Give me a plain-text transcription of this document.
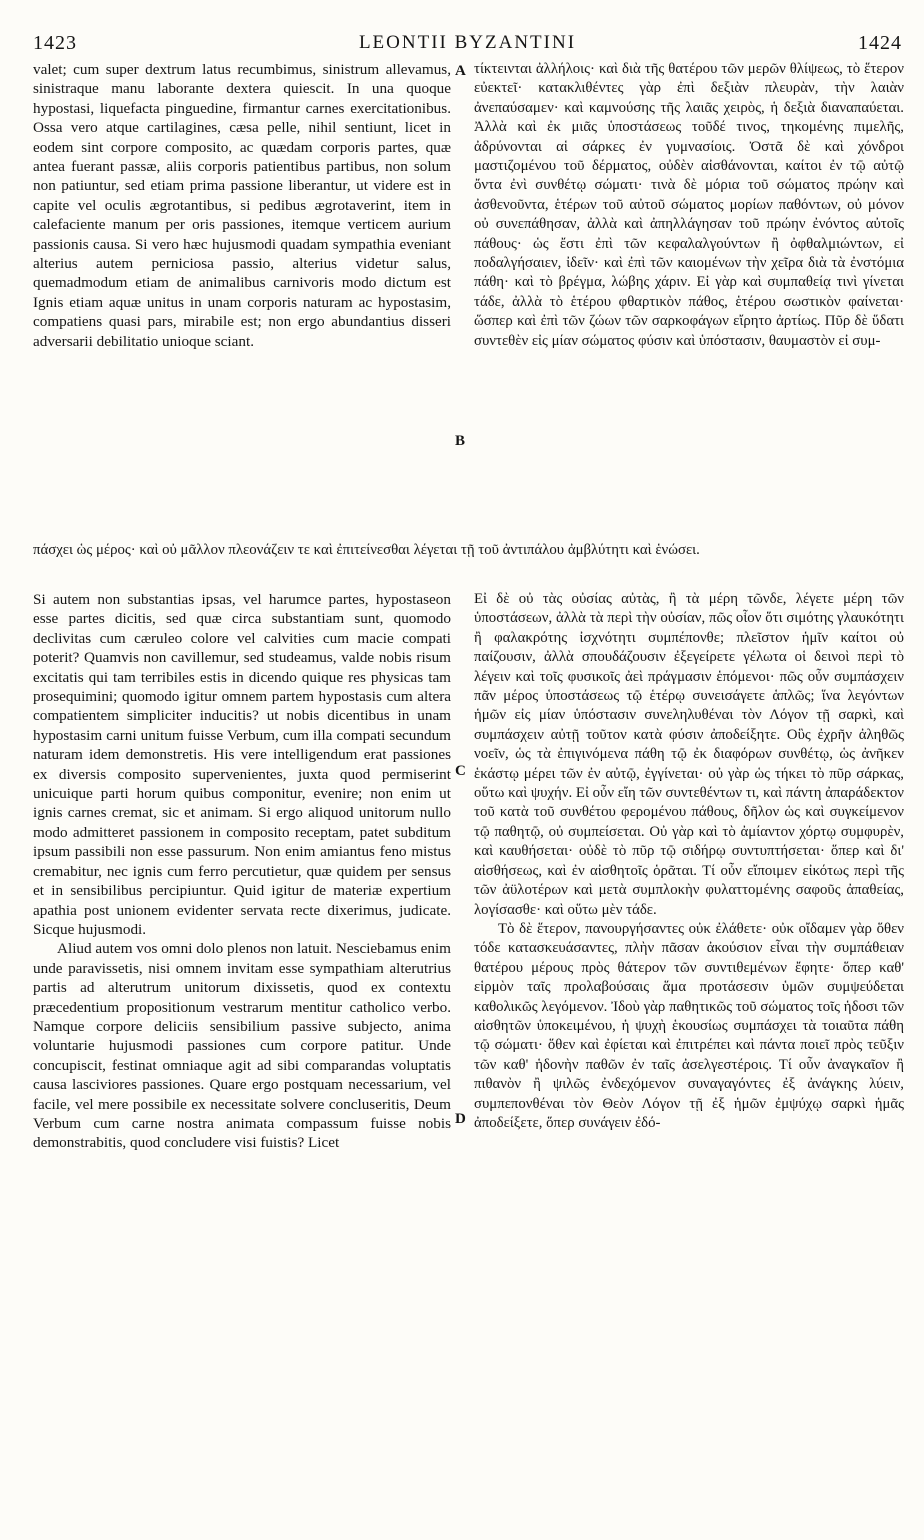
1423	LEONTII BYZANTINI	1424

valet; cum super dextrum latus recumbimus, sinistrum allevamus, sinistraque manu laborante dextera quiescit. In una quoque hypostasi, liquefacta pinguedine, firmantur carnes exercitationibus. Ossa vero atque cartilagines, cæsa pelle, nihil sentiunt, licet in eodem sint corpore composito, ac quædam corporis partes, quæ antea fuerant passæ, aliis corporis patientibus partibus, non solum non patiuntur, sed etiam prima passione liberantur, ut videre est in capite vel oculis ægrotantibus, si pedibus ægrotaverint, item in calefaciente manum per oris passiones, itemque verticem aurium passionis causa. Si vero hæc hujusmodi quadam sympathia eveniant alterius autem perniciosa passio, alterius videtur salus, quemadmodum etiam de animalibus carnivoris modo dictum est Ignis etiam aquæ unitus in unam corporis naturam ac hypostasim, compatiens quasi pars, mirabile est; non ergo abundantius disseri adversarii debilitatio unioque sciant.

τίκτεινται ἀλλήλοις· καὶ διὰ τῆς θατέρου τῶν μερῶν θλίψεως, τὸ ἕτερον εὐεκτεῖ· κατακλιθέντες γὰρ ἐπὶ δεξιὰν πλευρὰν, τὴν λαιὰν ἀνεπαύσαμεν· καὶ καμνούσης τῆς λαιᾶς χειρὸς, ἡ δεξιὰ διαναπαύεται. Ἀλλὰ καὶ ἐκ μιᾶς ὑποστάσεως τοῦδέ τινος, τηκομένης πιμελῆς, ἀδρύνονται αἱ σάρκες ἐν γυμνασίοις. Ὀστᾶ δὲ καὶ χόνδροι μαστιζομένου τοῦ δέρματος, οὐδὲν αἰσθάνονται, καίτοι ἐν τῷ αὐτῷ ὄντα ἐνὶ συνθέτῳ σώματι· τινὰ δὲ μόρια τοῦ σώματος πρώην καὶ ἀσθενοῦντα, ἑτέρων τοῦ αὐτοῦ σώματος μορίων παθόντων, οὐ μόνον οὐ συνεπάθησαν, ἀλλὰ καὶ ἀπηλλάγησαν τοῦ πρώην ἐνόντος αὐτοῖς πάθους· ὡς ἔστι ἐπὶ τῶν κεφαλαλγούντων ἢ ὀφθαλμιώντων, εἰ ποδαλγήσαιεν, ἰδεῖν· καὶ ἐπὶ τῶν καιομένων τὴν χεῖρα διὰ τὰ ἐνστόμια πάθη· καὶ τὸ βρέγμα, λώβης χάριν. Εἰ γὰρ καὶ συμπαθείᾳ τινὶ γίνεται τάδε, ἀλλὰ τὸ ἑτέρου φθαρτικὸν πάθος, ἑτέρου σωστικὸν φαίνεται· ὥσπερ καὶ ἐπὶ τῶν ζώων τῶν σαρκοφάγων εἴρητο ἀρτίως. Πῦρ δὲ ὕδατι συντεθὲν εἰς μίαν σώματος φύσιν καὶ ὑπόστασιν, θαυμαστὸν εἰ συμ-

πάσχει ὡς μέρος· καὶ οὐ μᾶλλον πλεονάζειν τε καὶ ἐπιτείνεσθαι λέγεται τῇ τοῦ ἀντιπάλου ἀμβλύτητι καὶ ἑνώσει.

Si autem non substantias ipsas, vel harumce partes, hypostaseon esse partes dicitis, sed quæ circa substantiam sunt, quomodo declivitas cum cæruleo colore vel calvities cum macie compati poterit? Quamvis non cavillemur, sed studeamus, valde nobis risum excitatis qui tam terribiles estis in dicendo quique res physicas tam prosequimini; quomodo igitur omnem partem hypostasis cum altera compatientem simpliciter inducitis? ut nobis dicentibus in unam hypostasim carni unitum fuisse Verbum, cum illa compati secundum naturam idem demonstretis. His vere intelligendum erat passiones ex diversis composito supervenientes, juxta quod permiserint unicuique parti horum quibus componitur, evenire; non enim ut ignis carnes cremat, sic et animam. Si ergo aliquod unitorum nullo modo admitteret passionem in composito receptam, patet subditum ipsum passibili non esse passurum. Non enim amiantus feno mistus cremabitur, nec ignis cum ferro percutietur, quæ quidem per sensus et in sensibilibus percipiuntur. Quid igitur de materiæ expertium apathia post unionem evidenter servata recte dixerimus, judicate. Sicque hujusmodi.

Aliud autem vos omni dolo plenos non latuit. Nesciebamus enim unde paravissetis, nisi omnem invitam esse sympathiam alterutrius partis ad alterutrum unitorum dixissetis, quod ex contextu præcedentium propositionum vestrarum mentitur catholico verbo. Namque corpore deliciis sensibilium passive subjecto, anima voluntarie hujusmodi passiones cum corpore patitur. Unde concupiscit, festinat omniaque agit ad sibi comparandas voluptatis causa lasciviores passiones. Quare ergo postquam necessarium, vel facile, vel mere possibile ex necessitate solvere concluseritis, Deum Verbum cum carne nostra animata compassum fuisse nobis demonstrabitis, quod concludere visi fuistis? Licet

Εἰ δὲ οὐ τὰς οὐσίας αὐτὰς, ἢ τὰ μέρη τῶνδε, λέγετε μέρη τῶν ὑποστάσεων, ἀλλὰ τὰ περὶ τὴν οὐσίαν, πῶς οἷον ὅτι σιμότης γλαυκότητι ἢ φαλακρότης ἰσχνότητι συμπέπονθε; πλεῖστον ἡμῖν καίτοι οὐ παίζουσιν, ἀλλὰ σπουδάζουσιν ἐξεγείρετε γέλωτα οἱ δεινοὶ περὶ τὸ λέγειν καὶ τοῖς φυσικοῖς ἀεὶ πράγμασιν ἑπόμενοι· πῶς οὖν συμπάσχειν πᾶν μέρος ὑποστάσεως τῷ ἑτέρῳ συνεισάγετε ἁπλῶς; ἵνα λεγόντων ἡμῶν εἰς μίαν ὑπόστασιν συνεληλυθέναι τὸν Λόγον τῇ σαρκὶ, καὶ συμπάσχειν αὐτῇ τοῦτον κατὰ φύσιν ἀποδείξητε. Οὓς ἐχρῆν ἀληθῶς νοεῖν, ὡς τὰ ἐπιγινόμενα πάθη τῷ ἐκ διαφόρων συνθέτῳ, ὡς ἀνῆκεν ἑκάστῳ μέρει τῶν ἐν αὐτῷ, ἐγγίνεται· οὐ γὰρ ὡς τήκει τὸ πῦρ σάρκας, οὕτω καὶ ψυχήν. Εἰ οὖν εἴη τῶν συντεθέντων τι, καὶ πάντη ἀπαράδεκτον τοῦ κατὰ τοῦ συνθέτου φερομένου πάθους, δῆλον ὡς καὶ συγκείμενον τῷ παθητῷ, οὐ συμπείσεται. Οὐ γὰρ καὶ τὸ ἀμίαντον χόρτῳ συμφυρὲν, καὶ καυθήσεται· οὐδὲ τὸ πῦρ τῷ σιδήρῳ συντυπτήσεται· ὅπερ καὶ δι' αἰσθήσεως, καὶ ἐν αἰσθητοῖς ὁρᾶται. Τί οὖν εἴποιμεν εἰκότως περὶ τῆς τῶν ἀϋλοτέρων καὶ μετὰ συμπλοκὴν φυλαττομένης σαφοῦς ἀπαθείας, λογίσασθε· καὶ οὕτω μὲν τάδε.

Τὸ δὲ ἕτερον, πανουργήσαντες οὐκ ἐλάθετε· οὐκ οἴδαμεν γὰρ ὅθεν τόδε κατασκευάσαντες, πλὴν πᾶσαν ἀκούσιον εἶναι τὴν συμπάθειαν θατέρου μέρους πρὸς θάτερον τῶν συντιθεμένων ἔφητε· ὅπερ καθ' εἱρμὸν ταῖς προλαβούσαις ἅμα προτάσεσιν ὑμῶν συμψεύδεται καθολικῶς λεγόμενον. Ἰδοὺ γὰρ παθητικῶς τοῦ σώματος τοῖς ἡδοσι τῶν αἰσθητῶν ὑποκειμένου, ἡ ψυχὴ ἑκουσίως συμπάσχει τὰ τοιαῦτα πάθη τῷ σώματι· ὅθεν καὶ ἐφίεται καὶ ἐπιτρέπει καὶ πάντα ποιεῖ πρὸς τεῦξιν τῶν καθ' ἡδονὴν παθῶν ἐν ταῖς ἀσελγεστέροις. Τί οὖν ἀναγκαῖον ἢ πιθανὸν ἢ ψιλῶς ἐνδεχόμενον συναγαγόντες ἐξ ἀνάγκης λύειν, συμπεπονθέναι τὸν Θεὸν Λόγον τῇ ἐξ ἡμῶν ἐμψύχῳ σαρκὶ ἡμᾶς ἀποδείξετε, ὅπερ συνάγειν ἐδό-

A
B
C
D
